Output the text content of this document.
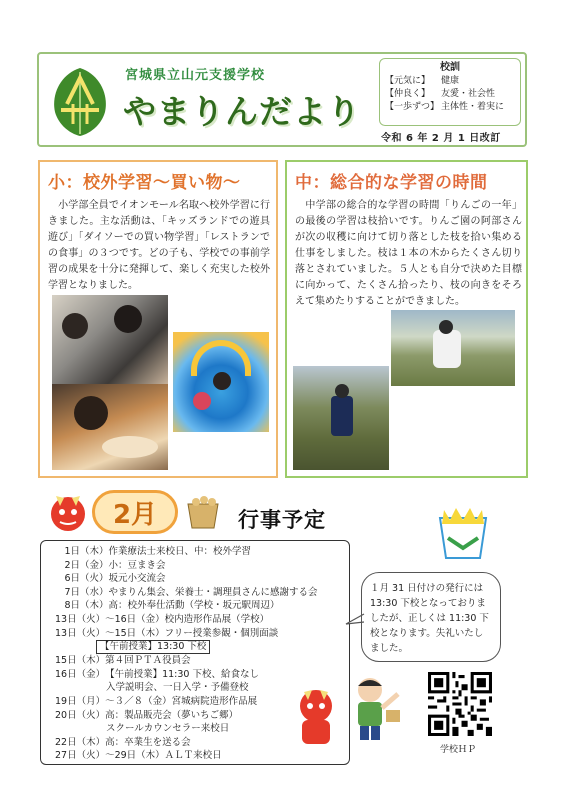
宮城県立山元支援学校
やまりんだより
校訓
【元気に】	健康
【仲良く】	友愛・社会性
【一歩ずつ】 主体性・着実に
令和 6 年 2 月 1 日改訂
小：校外学習～買い物～
　小学部全員でイオンモール名取へ校外学習に行きました。主な活動は、「キッズランドでの遊具遊び」「ダイソーでの買い物学習」「レストランでの食事」の３つです。どの子も、学校での事前学習の成果を十分に発揮して、楽しく充実した校外学習となりました。
中：総合的な学習の時間
　中学部の総合的な学習の時間「りんごの一年」の最後の学習は枝拾いです。りんご園の阿部さんが次の収穫に向けて切り落とした枝を拾い集める仕事をしました。枝は１本の木からたくさん切り落とされていました。５人とも自分で決めた目標に向かって、たくさん拾ったり、枝の向きをそろえて集めたりすることができました。
2月	行事予定
　1日（木） 作業療法士来校日、中：校外学習
　2日（金） 小：豆まき会
　6日（火） 坂元小交流会
　7日（水） やまりん集会、栄養士・調理員さんに感謝する会
　8日（木） 高：校外奉仕活動（学校・坂元駅周辺）
13日（火） ～16日（金）校内造形作品展（学校）
13日（火） ～15日（木）フリー授業参観・個別面談
【午前授業】13:30 下校
15日（木） 第４回ＰＴＡ役員会
16日（金） 【午前授業】11:30 下校、給食なし
入学説明会、一日入学・予備登校
19日（月） ～３／８（金）宮城病院造形作品展
20日（火） 高：製品販売会（夢いちご郷）
スクールカウンセラー来校日
22日（木） 高：卒業生を送る会
27日（火） ～29日（木）ＡＬＴ来校日
１月 31 日付けの発行には 13:30 下校となっておりましたが、正しくは 11:30 下校となります。失礼いたしました。
学校ＨＰ
